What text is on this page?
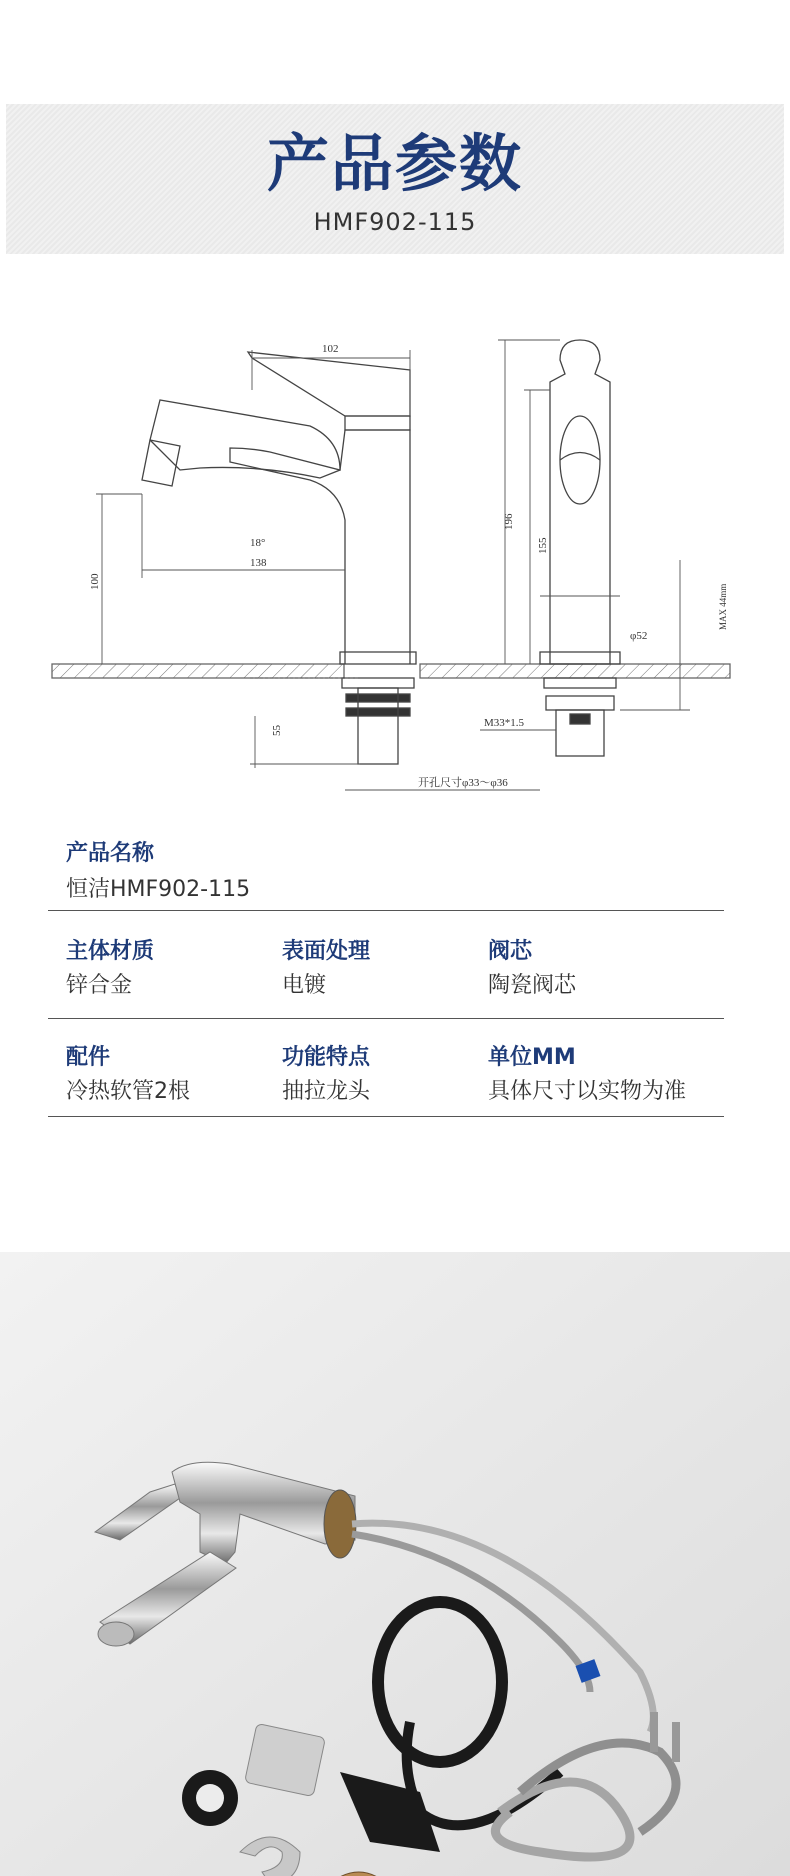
产品参数
HMF902-115
102
100
18°
138
55
196
155
MAX 44mm
φ52
M33*1.5
开孔尺寸φ33～φ36
产品名称
恒洁HMF902-115
主体材质
锌合金
表面处理
电镀
阀芯
陶瓷阀芯
配件
冷热软管2根
功能特点
抽拉龙头
单位MM
具体尺寸以实物为准
